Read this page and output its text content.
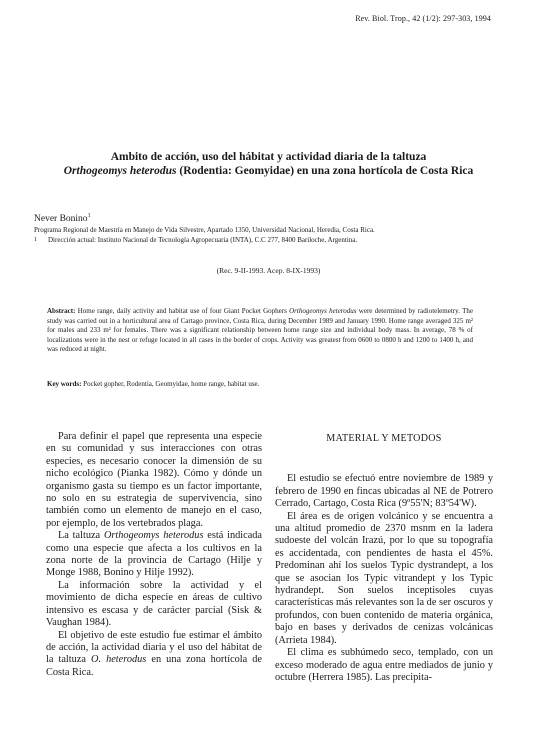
Rev. Biol. Trop., 42 (1/2): 297-303, 1994
Ambito de acción, uso del hábitat y actividad diaria de la taltuza
Orthogeomys heterodus (Rodentia: Geomyidae) en una zona hortícola de Costa Rica
Never Bonino$^1$
Programa Regional de Maestría en Manejo de Vida Silvestre, Apartado 1350, Universidad Nacional, Heredia, Costa Rica.
1 Dirección actual: Instituto Nacional de Tecnología Agropecuaria (INTA), C.C 277, 8400 Bariloche, Argentina.
(Rec. 9-II-1993. Acep. 8-IX-1993)
Abstract: Home range, daily activity and habitat use of four Giant Pocket Gophers Orthogeomys heterodus were determined by radiotelemetry. The study was carried out in a horticultural area of Cartago province, Costa Rica, during December 1989 and January 1990. Home range averaged 325 m² for males and 233 m² for females. There was a significant relationship between home range size and individual body mass. In average, 78 % of localizations were in the nest or refuge located in all cases in the border of crops. Activity was greatest from 0600 to 0800 h and 1200 to 1400 h, and was reduced at night.
Key words: Pocket gopher, Rodentia, Geomyidae, home range, habitat use.

Para definir el papel que representa una especie en su comunidad y sus interacciones con otras especies, es necesario conocer la dimensión de su nicho ecológico (Pianka 1982). Cómo y dónde un organismo gasta su tiempo es un factor importante, no solo en su estrategia de supervivencia, sino también como un elemento de manejo en el caso, por ejemplo, de los vertebrados plaga.

La taltuza Orthogeomys heterodus está indicada como una especie que afecta a los cultivos en la zona norte de la provincia de Cartago (Hilje y Monge 1988, Bonino y Hilje 1992).

La información sobre la actividad y el movimiento de dicha especie en áreas de cultivo intensivo es escasa y de carácter parcial (Sisk & Vaughan 1984).

El objetivo de este estudio fue estimar el ámbito de acción, la actividad diaria y el uso del hábitat de la taltuza O. heterodus en una zona hortícola de Costa Rica.

MATERIAL Y METODOS

El estudio se efectuó entre noviembre de 1989 y febrero de 1990 en fincas ubicadas al NE de Potrero Cerrado, Cartago, Costa Rica (9º55'N; 83º54'W).

El área es de origen volcánico y se encuentra a una altitud promedio de 2370 msnm en la ladera sudoeste del volcán Irazú, por lo que su topografía es accidentada, con pendientes de hasta el 45%. Predominan ahí los suelos Typic dystrandept, a los que se asocian los Typic vitrandept y los Typic hydrandept. Son suelos inceptisoles cuyas características más relevantes son la de ser oscuros y profundos, con buen contenido de materia orgánica, bajo en bases y derivados de cenizas volcánicas (Arrieta 1984).

El clima es subhúmedo seco, templado, con un exceso moderado de agua entre mediados de junio y octubre (Herrera 1985). Las precipita-
